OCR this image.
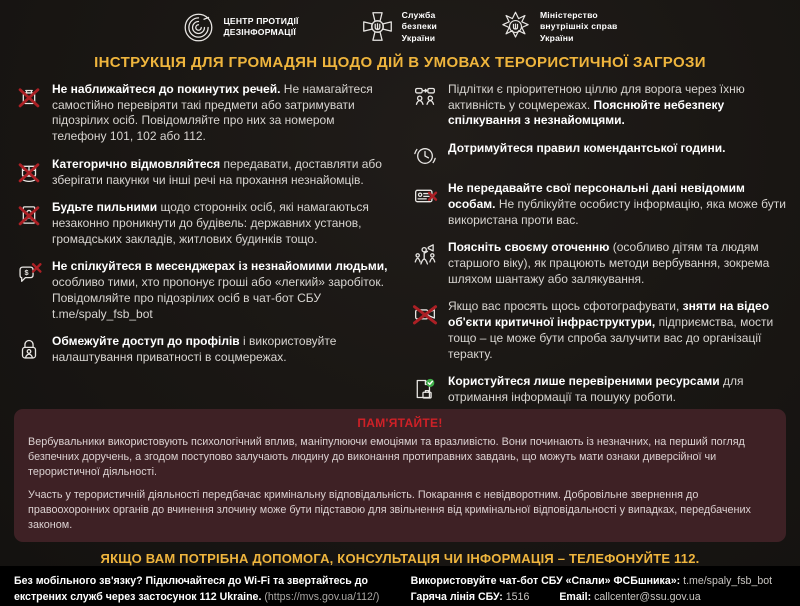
ЦЕНТР ПРОТИДІЇ
ДЕЗІНФОРМАЦІЇ
Служба
безпеки
України
Міністерство
внутрішніх справ
України
ІНСТРУКЦІЯ ДЛЯ ГРОМАДЯН ЩОДО ДІЙ В УМОВАХ ТЕРОРИСТИЧНОЇ ЗАГРОЗИ
Не наближайтеся до покинутих речей. Не намагайтеся самостійно перевіряти такі предмети або затримувати підозрілих осіб. Повідомляйте про них за номером телефону 101, 102 або 112.
Категорично відмовляйтеся передавати, доставляти або зберігати пакунки чи інші речі на прохання незнайомців.
Будьте пильними щодо сторонніх осіб, які намагаються незаконно проникнути до будівель: державних установ, громадських закладів, житлових будинків тощо.
$ Не спілкуйтеся в месенджерах із незнайомими людьми, особливо тими, хто пропонує гроші або «легкий» заробіток. Повідомляйте про підозрілих осіб в чат-бот СБУ t.me/spaly_fsb_bot
Обмежуйте доступ до профілів і використовуйте налаштування приватності в соцмережах.
Підлітки є пріоритетною ціллю для ворога через їхню активність у соцмережах. Пояснюйте небезпеку спілкування з незнайомцями.
Дотримуйтеся правил комендантської години.
Не передавайте свої персональні дані невідомим особам. Не публікуйте особисту інформацію, яка може бути використана проти вас.
Поясніть своєму оточенню (особливо дітям та людям старшого віку), як працюють методи вербування, зокрема шляхом шантажу або залякування.
Якщо вас просять щось сфотографувати, зняти на відео об'єкти критичної інфраструктури, підприємства, мости тощо – це може бути спроба залучити вас до організації теракту.
Користуйтеся лише перевіреними ресурсами для отримання інформації та пошуку роботи.
ПАМ'ЯТАЙТЕ!

Вербувальники використовують психологічний вплив, маніпулюючи емоціями та вразливістю. Вони починають із незначних, на перший погляд безпечних доручень, а згодом поступово залучають людину до виконання протиправних завдань, що можуть мати ознаки диверсійної чи терористичної діяльності.

Участь у терористичній діяльності передбачає кримінальну відповідальність. Покарання є невідворотним. Добровільне звернення до правоохоронних органів до вчинення злочину може бути підставою для звільнення від кримінальної відповідальності у випадках, передбачених законом.

ЯКЩО ВАМ ПОТРІБНА ДОПОМОГА, КОНСУЛЬТАЦІЯ ЧИ ІНФОРМАЦІЯ – ТЕЛЕФОНУЙТЕ 112.
Без мобільного зв'язку? Підключайтеся до Wi-Fi та звертайтесь до екстрених служб через застосунок 112 Ukraine. (https://mvs.gov.ua/112/)
Використовуйте чат-бот СБУ «Спали» ФСБшника»: t.me/spaly_fsb_bot
Гаряча лінія СБУ: 1516	Email: callcenter@ssu.gov.ua
